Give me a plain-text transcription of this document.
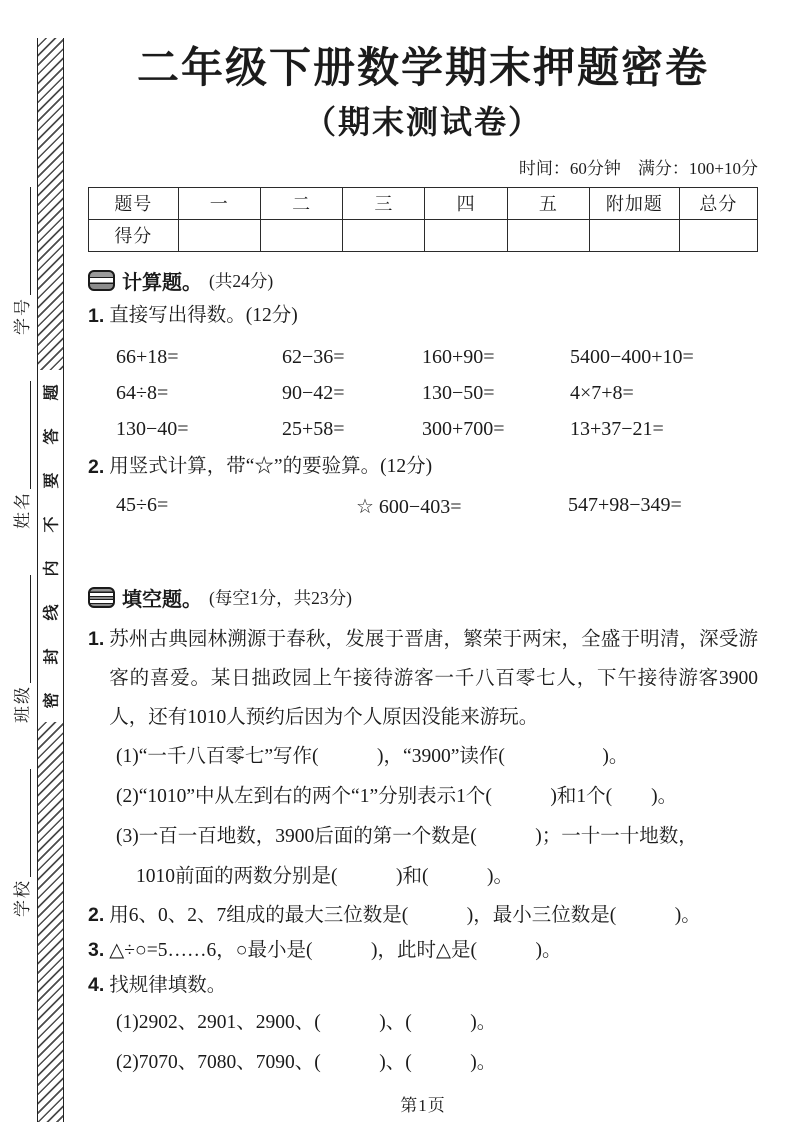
学校
班级
姓名
学号
题
答
要
不
内
线
封
密
二年级下册数学期末押题密卷
（期末测试卷）
时间：60分钟　满分：100+10分
题号	一	二	三	四	五	附加题	总分
得分							
计算题。 (共24分)
1. 直接写出得数。(12分)
66+18=	62−36=	160+90=	5400−400+10=
64÷8=	90−42=	130−50=	4×7+8=
130−40=	25+58=	300+700=	13+37−21=
2. 用竖式计算，带“☆”的要验算。(12分)
45÷6=	☆ 600−403=	547+98−349=
填空题。 (每空1分，共23分)
1. 苏州古典园林溯源于春秋，发展于晋唐，繁荣于两宋，全盛于明清，深受游客的喜爱。某日拙政园上午接待游客一千八百零七人，下午接待游客3900人，还有1010人预约后因为个人原因没能来游玩。
(1)“一千八百零七”写作(　　　)，“3900”读作(　　　　　)。
(2)“1010”中从左到右的两个“1”分别表示1个(　　　)和1个(　　)。
(3)一百一百地数，3900后面的第一个数是(　　　)；一十一十地数，
1010前面的两数分别是(　　　)和(　　　)。
2. 用6、0、2、7组成的最大三位数是(　　　)，最小三位数是(　　　)。
3. △÷○=5……6，○最小是(　　　)，此时△是(　　　)。
4. 找规律填数。
(1)2902、2901、2900、(　　　)、(　　　)。
(2)7070、7080、7090、(　　　)、(　　　)。
第1页
